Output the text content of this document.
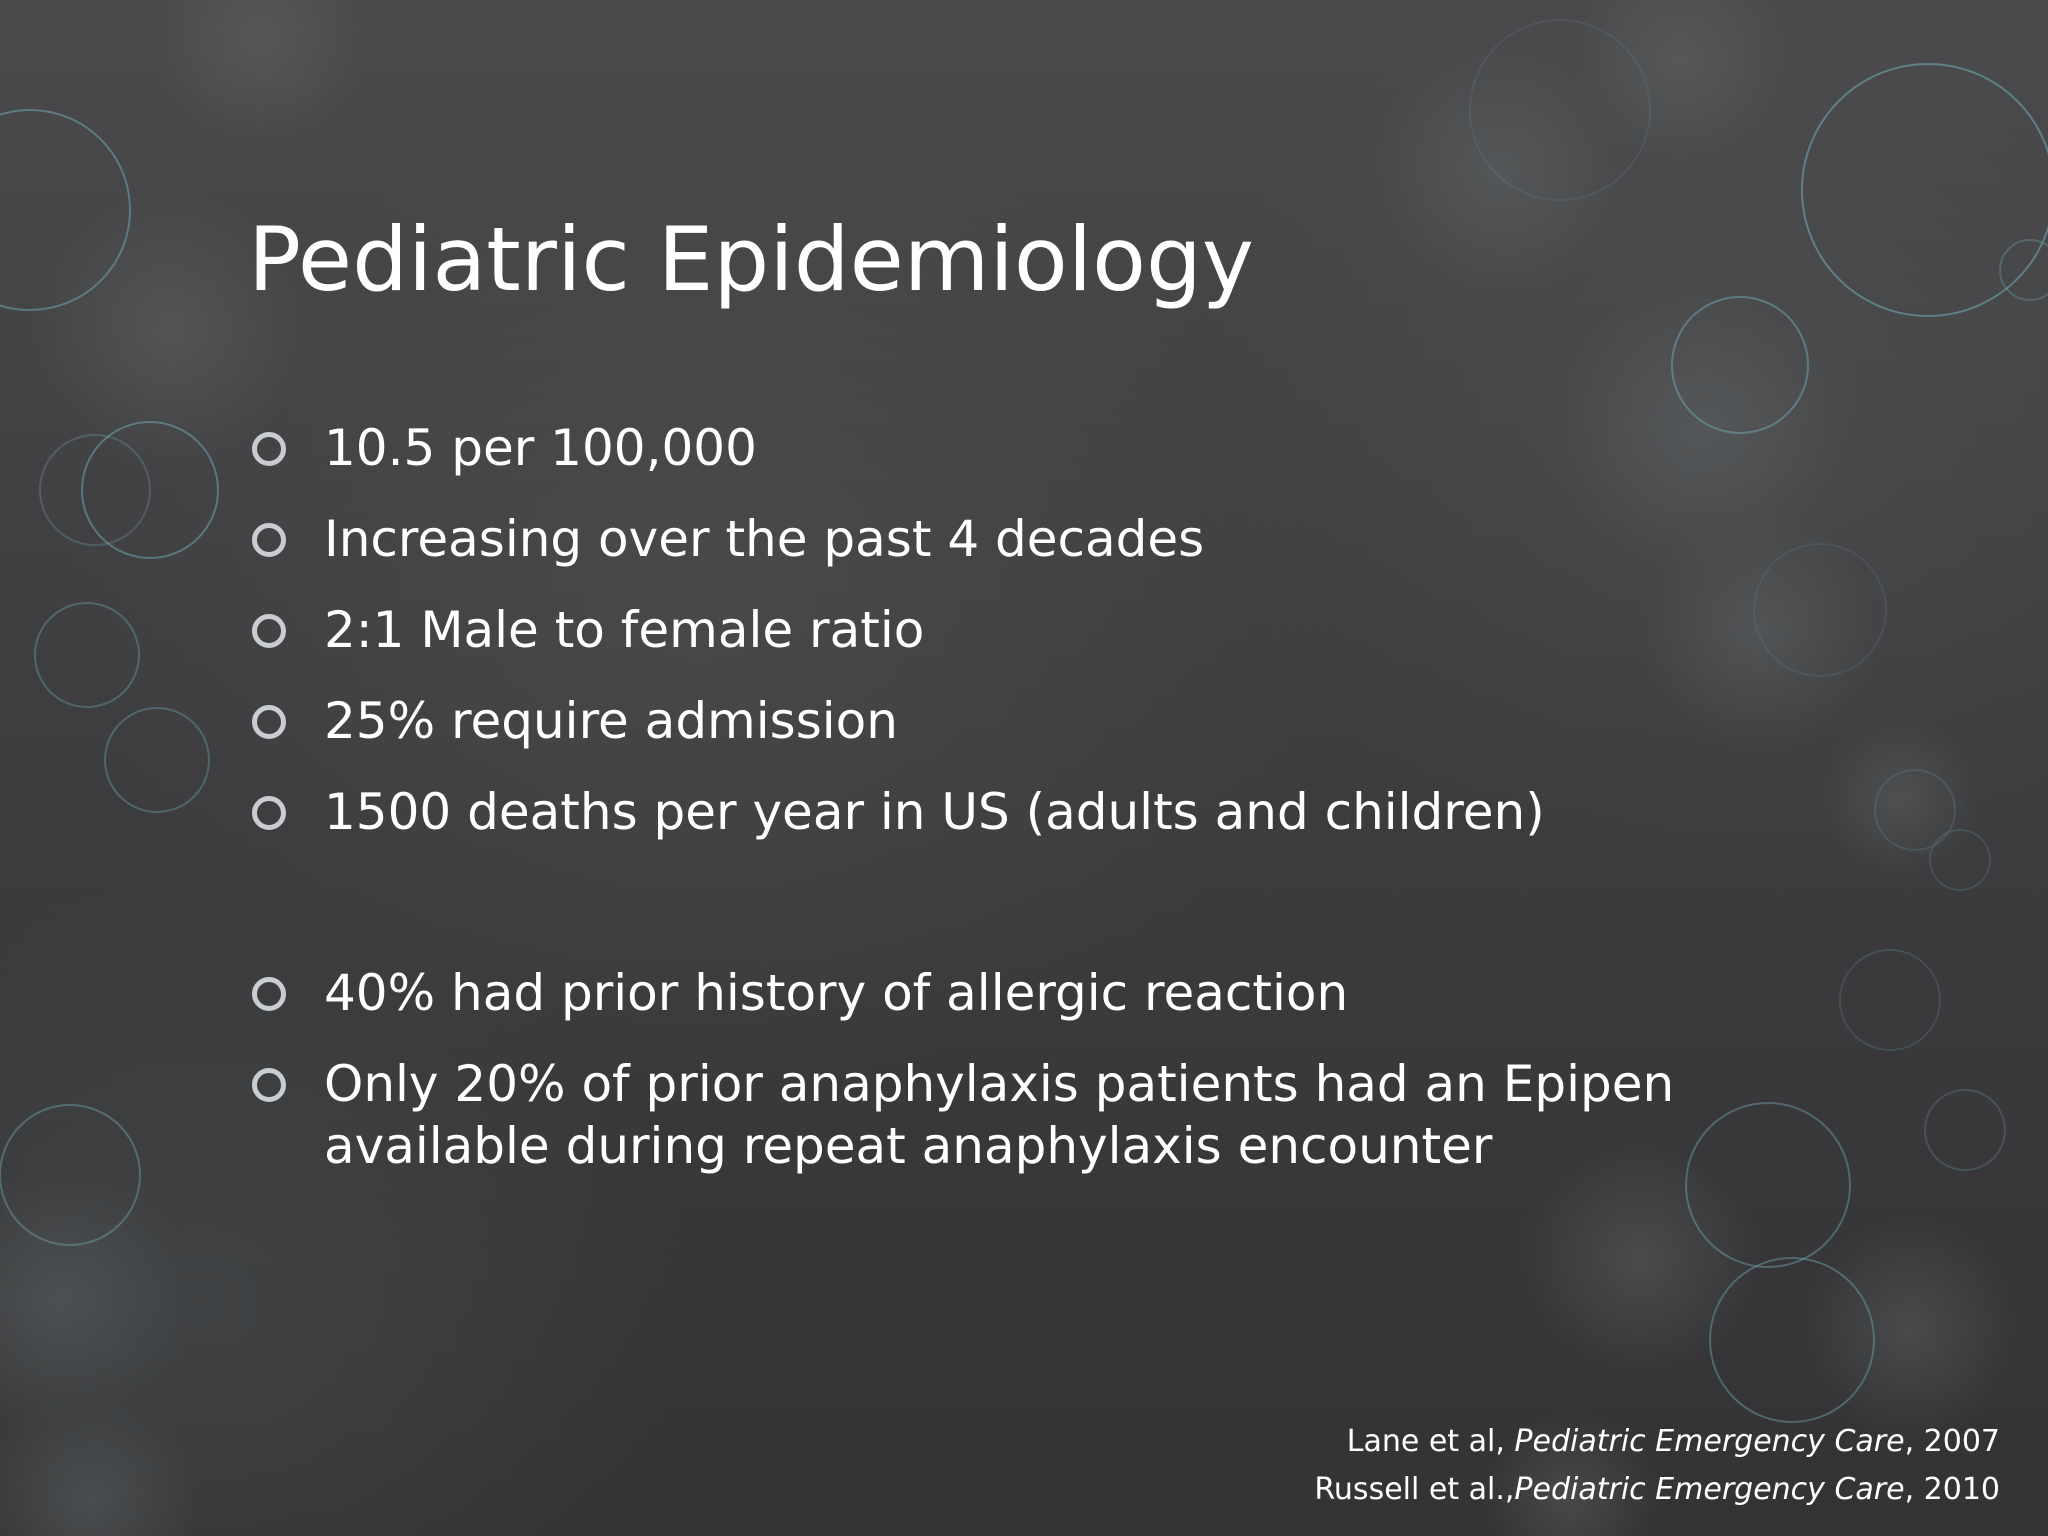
Pediatric Epidemiology
10.5 per 100,000
Increasing over the past 4 decades
2:1 Male to female ratio
25% require admission
1500 deaths per year in US (adults and children)
40% had prior history of allergic reaction
Only 20% of prior anaphylaxis patients had an Epipen available during repeat anaphylaxis encounter
Lane et al, Pediatric Emergency Care, 2007
Russell et al.,Pediatric Emergency Care, 2010
